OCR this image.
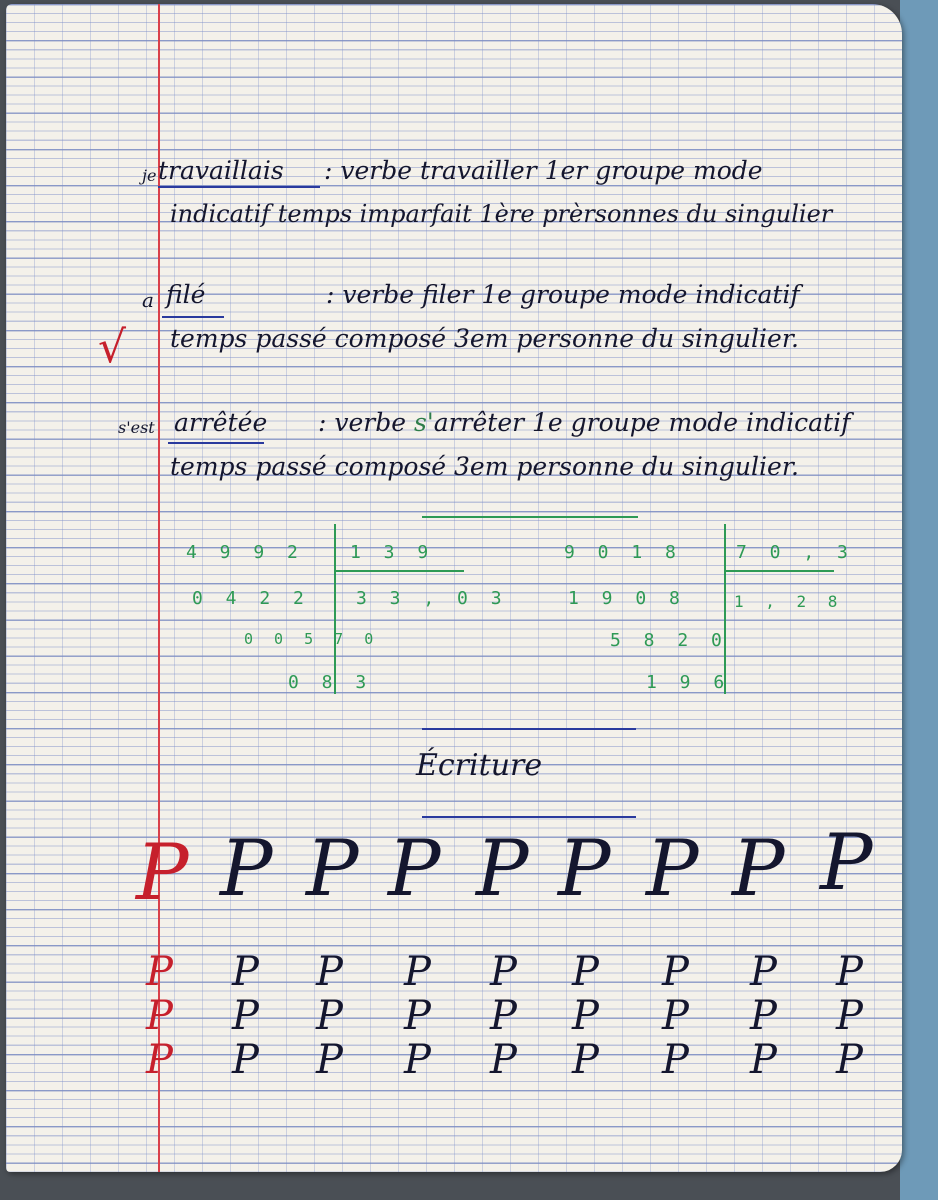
je travaillais : verbe travailler 1er groupe mode
indicatif temps imparfait 1ère prèrsonnes du singulier
a filé	: verbe filer 1e groupe mode indicatif
√ temps passé composé 3em personne du singulier.
s'est arrêtée : verbe s'arrêter 1e groupe mode indicatif
temps passé composé 3em personne du singulier.
4 9 9 2	1 3 9
0 4 2 2	3 3 , 0 3
0 0 5 7 0
0 8 3
9 0 1 8	7 0 , 3
1 9 0 8	1 , 2 8
5 8 2 0
1 9 6
Écriture
P P P P P P P P P
P P P P P P P P P
P P P P P P P P P
P P P P P P P P P
